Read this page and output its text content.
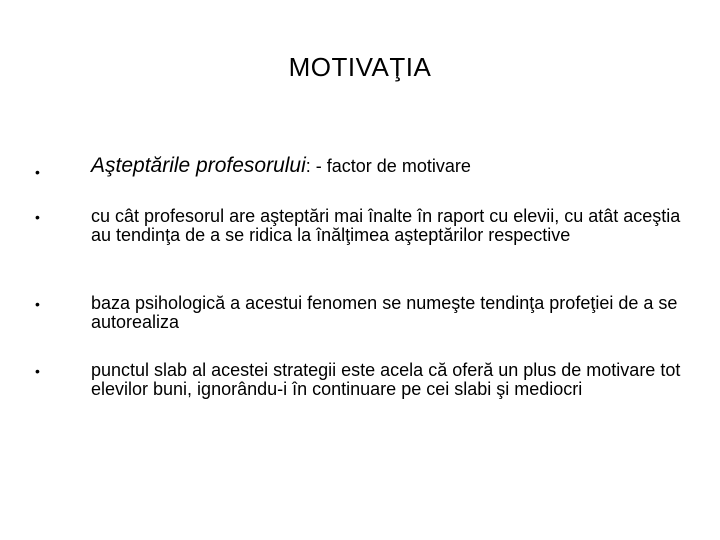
MOTIVAŢIA
• Aşteptările profesorului: - factor de motivare
•	cu cât profesorul are aşteptări mai înalte în raport cu elevii, cu atât aceştia au tendinţa de a se ridica la înălţimea aşteptărilor respective
•	baza psihologică a acestui fenomen se numeşte tendinţa profeţiei de a se autorealiza
•	punctul slab al acestei strategii este acela că oferă un plus de motivare tot elevilor buni, ignorându-i în continuare pe cei slabi şi mediocri
